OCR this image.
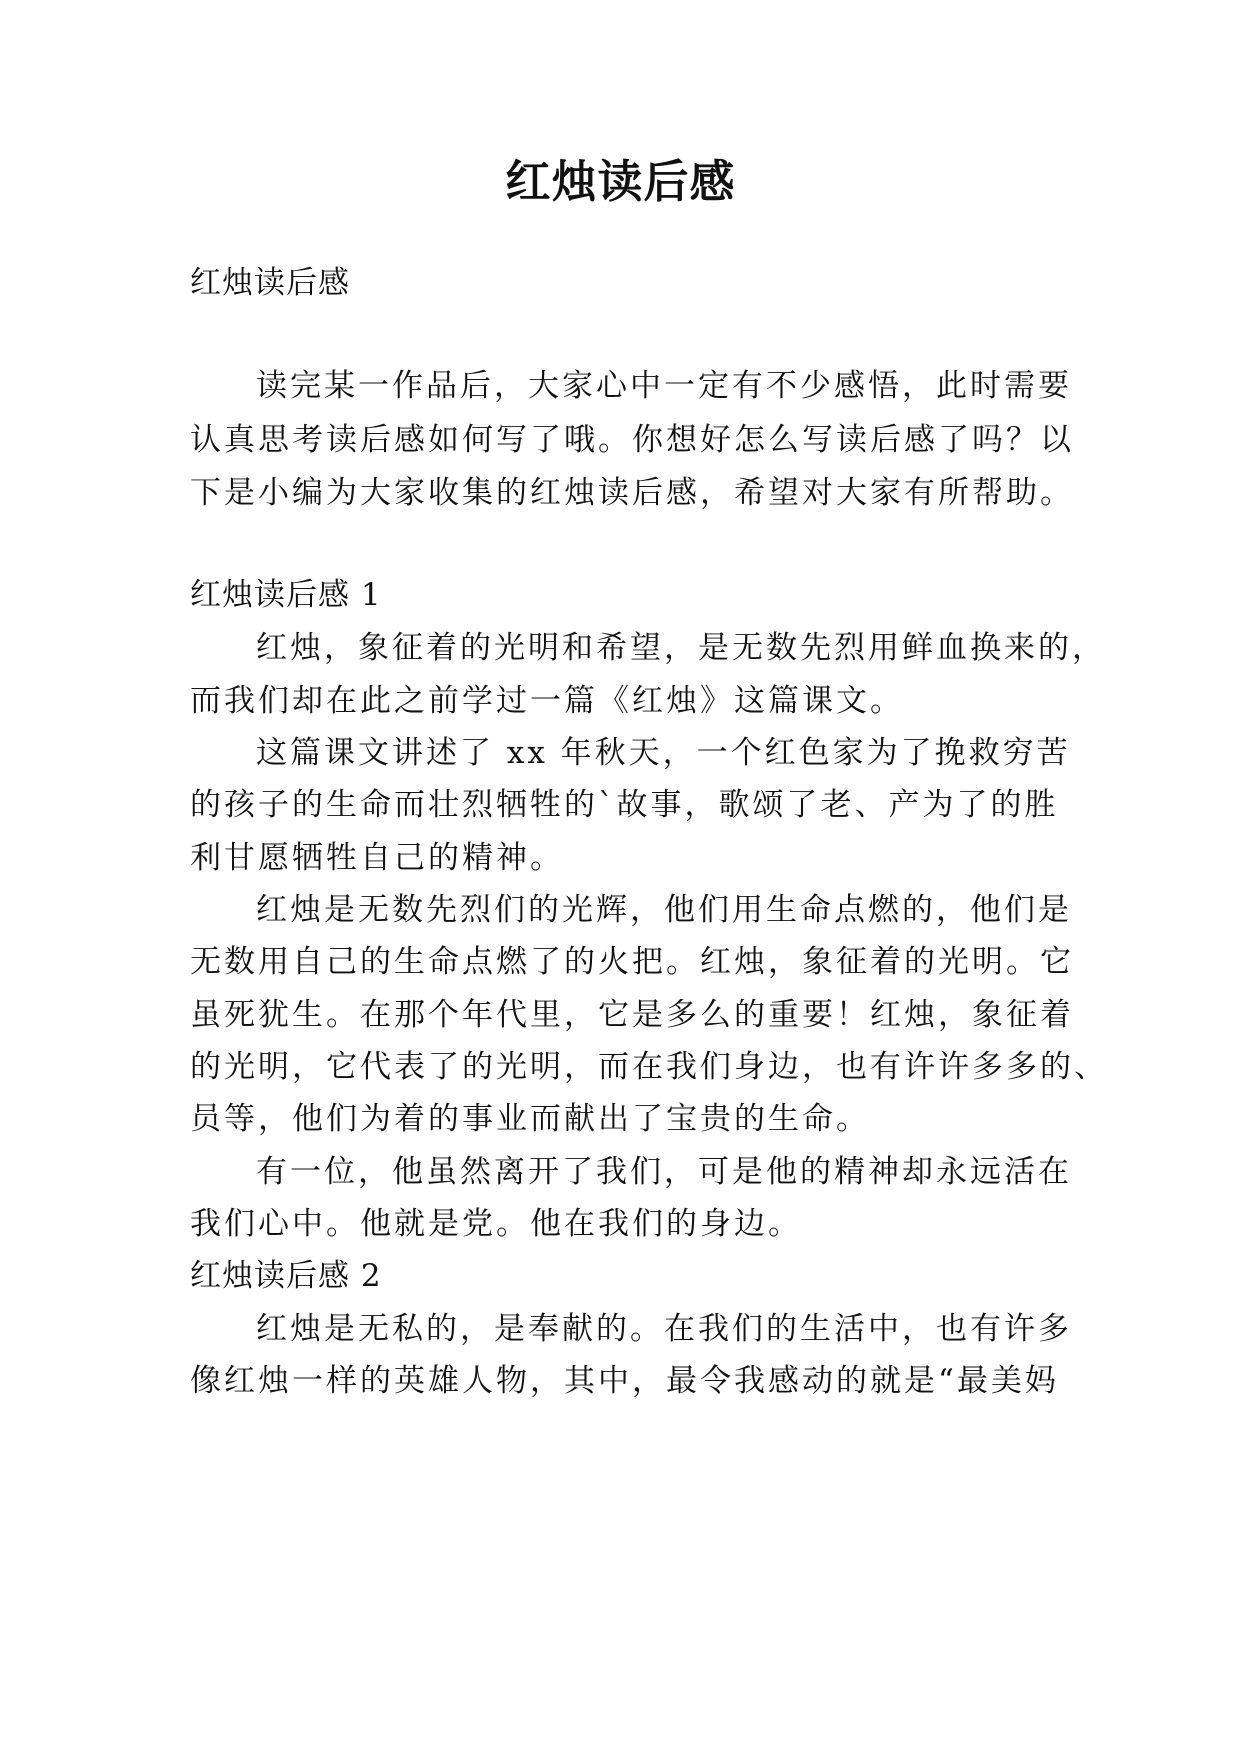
红烛读后感
红烛读后感
读完某一作品后，大家心中一定有不少感悟，此时需要
认真思考读后感如何写了哦。你想好怎么写读后感了吗？以
下是小编为大家收集的红烛读后感，希望对大家有所帮助。
红烛读后感 1
红烛，象征着的光明和希望，是无数先烈用鲜血换来的，
而我们却在此之前学过一篇《红烛》这篇课文。
这篇课文讲述了 xx 年秋天，一个红色家为了挽救穷苦
的孩子的生命而壮烈牺牲的`故事，歌颂了老、产为了的胜
利甘愿牺牲自己的精神。
红烛是无数先烈们的光辉，他们用生命点燃的，他们是
无数用自己的生命点燃了的火把。红烛，象征着的光明。它
虽死犹生。在那个年代里，它是多么的重要！红烛，象征着
的光明，它代表了的光明，而在我们身边，也有许许多多的、
员等，他们为着的事业而献出了宝贵的生命。
有一位，他虽然离开了我们，可是他的精神却永远活在
我们心中。他就是党。他在我们的身边。
红烛读后感 2
红烛是无私的，是奉献的。在我们的生活中，也有许多
像红烛一样的英雄人物，其中，最令我感动的就是“最美妈
